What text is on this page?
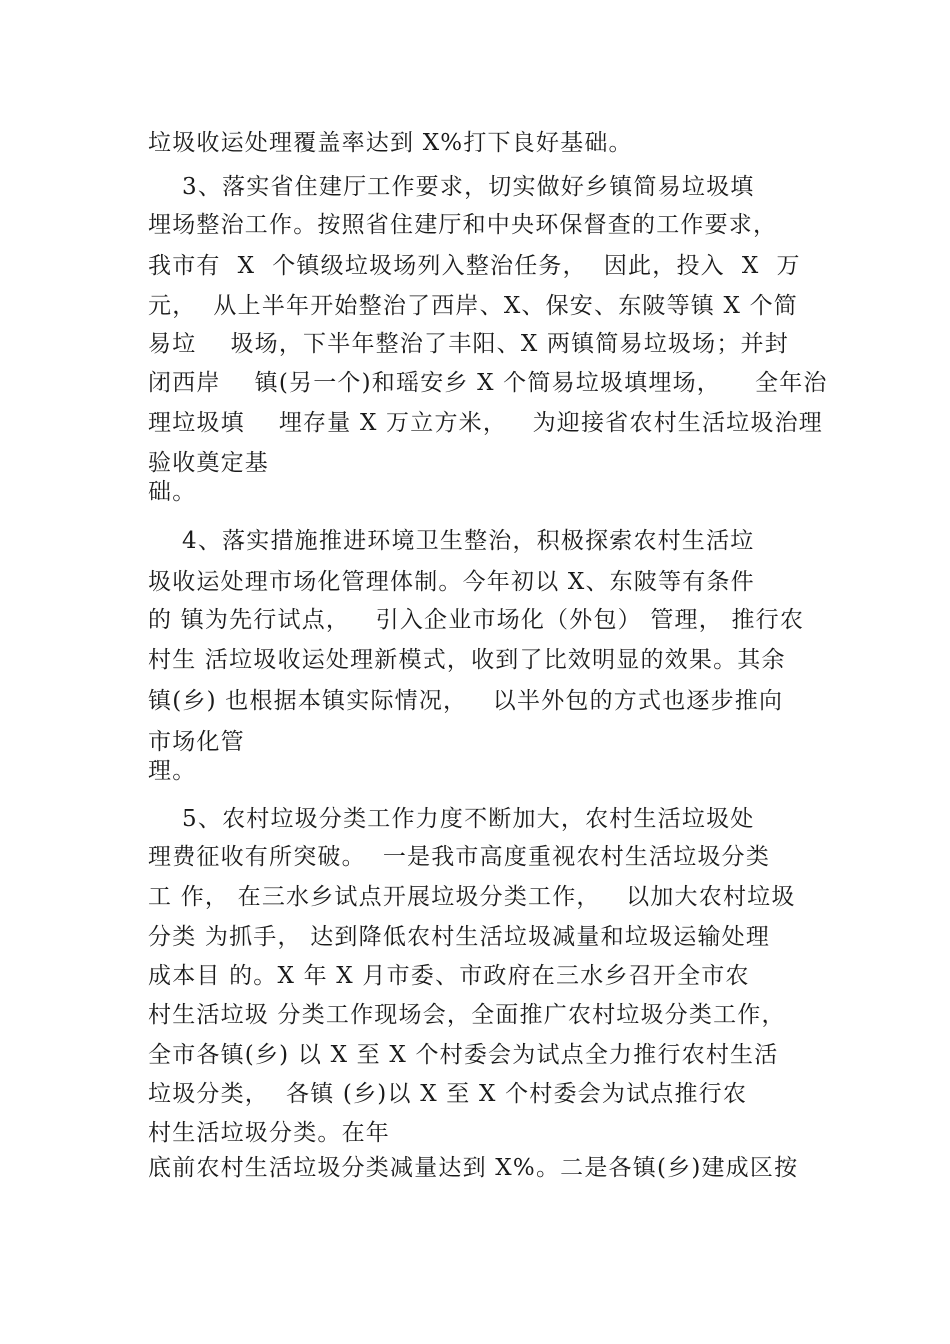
垃圾收运处理覆盖率达到 X%打下良好基础。
3、落实省住建厅工作要求，切实做好乡镇简易垃圾填
埋场整治工作。按照省住建厅和中央环保督查的工作要求，
我市有  X  个镇级垃圾场列入整治任务，  因此，投入  X  万
元，  从上半年开始整治了西岸、X、保安、东陂等镇 X 个简
易垃    圾场，下半年整治了丰阳、X 两镇简易垃圾场；并封
闭西岸    镇(另一个)和瑶安乡 X 个简易垃圾填埋场，    全年治
理垃圾填    埋存量 X 万立方米，   为迎接省农村生活垃圾治理
验收奠定基
础。
4、落实措施推进环境卫生整治，积极探索农村生活垃
圾收运处理市场化管理体制。今年初以 X、东陂等有条件
的 镇为先行试点，   引入企业市场化（外包） 管理， 推行农
村生 活垃圾收运处理新模式，收到了比效明显的效果。其余
镇(乡) 也根据本镇实际情况，   以半外包的方式也逐步推向
市场化管
理。
5、农村垃圾分类工作力度不断加大，农村生活垃圾处
理费征收有所突破。  一是我市高度重视农村生活垃圾分类
工 作， 在三水乡试点开展垃圾分类工作，   以加大农村垃圾
分类 为抓手， 达到降低农村生活垃圾减量和垃圾运输处理
成本目 的。X 年 X 月市委、市政府在三水乡召开全市农
村生活垃圾 分类工作现场会，全面推广农村垃圾分类工作，
全市各镇(乡) 以 X 至 X 个村委会为试点全力推行农村生活
垃圾分类，  各镇 (乡)以 X 至 X 个村委会为试点推行农
村生活垃圾分类。在年
底前农村生活垃圾分类减量达到 X%。二是各镇(乡)建成区按
